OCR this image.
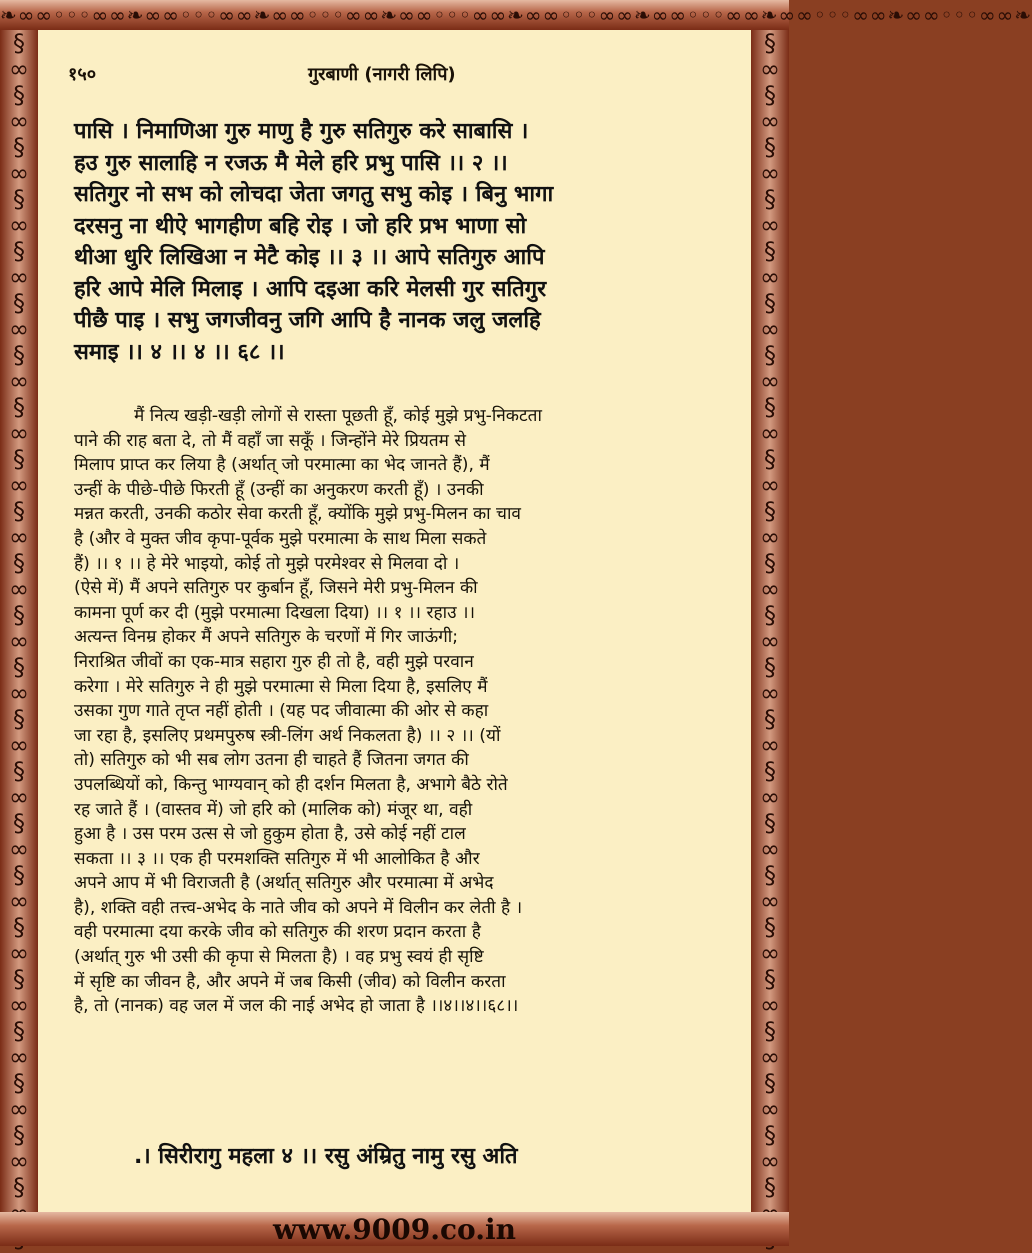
❧∞∞◦◦◦∞∞❧∞∞◦◦◦∞∞❧∞∞◦◦◦∞∞❧∞∞◦◦◦∞∞❧∞∞◦◦◦∞∞❧∞∞◦◦◦∞∞❧∞∞◦◦◦∞∞❧∞∞◦◦◦∞∞❧
§
∞
§
∞
§
∞
§
∞
§
∞
§
∞
§
∞
§
∞
§
∞
§
∞
§
∞
§
∞
§
∞
§
∞
§
∞
§
∞
§
∞
§
∞
§
∞
§
∞
§
∞
§
∞
§

§
∞
§
∞
§
∞
§
∞
§
∞
§
∞
§
∞
§
∞
§
∞
§
∞
§
∞
§
∞
§
∞
§
∞
§
∞
§
∞
§
∞
§
∞
§
∞
§
∞
§
∞
§
∞
§

१५०	गुरबाणी (नागरी लिपि)

पासि । निमाणिआ गुरु माणु है गुरु सतिगुरु करे साबासि ।

हउ गुरु सालाहि न रजऊ मै मेले हरि प्रभु पासि ।। २ ।।

सतिगुर नो सभ को लोचदा जेता जगतु सभु कोइ । बिनु भागा

दरसनु ना थीऐ भागहीण बहि रोइ । जो हरि प्रभ भाणा सो

थीआ धुरि लिखिआ न मेटै कोइ ।। ३ ।। आपे सतिगुरु आपि

हरि आपे मेलि मिलाइ । आपि दइआ करि मेलसी गुर सतिगुर

पीछै पाइ । सभु जगजीवनु जगि आपि है नानक जलु जलहि

समाइ ।। ४ ।। ४ ।। ६८ ।।

मैं नित्य खड़ी-खड़ी लोगों से रास्ता पूछती हूँ, कोई मुझे प्रभु-निकटता
पाने की राह बता दे, तो मैं वहाँ जा सकूँ । जिन्होंने मेरे प्रियतम से
मिलाप प्राप्त कर लिया है (अर्थात् जो परमात्मा का भेद जानते हैं), मैं
उन्हीं के पीछे-पीछे फिरती हूँ (उन्हीं का अनुकरण करती हूँ) । उनकी
मन्नत करती, उनकी कठोर सेवा करती हूँ, क्योंकि मुझे प्रभु-मिलन का चाव
है (और वे मुक्त जीव कृपा-पूर्वक मुझे परमात्मा के साथ मिला सकते
हैं) ।। १ ।। हे मेरे भाइयो, कोई तो मुझे परमेश्वर से मिलवा दो ।
(ऐसे में) मैं अपने सतिगुरु पर कुर्बान हूँ, जिसने मेरी प्रभु-मिलन की
कामना पूर्ण कर दी (मुझे परमात्मा दिखला दिया) ।। १ ।। रहाउ ।।
अत्यन्त विनम्र होकर मैं अपने सतिगुरु के चरणों में गिर जाऊंगी;
निराश्रित जीवों का एक-मात्र सहारा गुरु ही तो है, वही मुझे परवान
करेगा । मेरे सतिगुरु ने ही मुझे परमात्मा से मिला दिया है, इसलिए मैं
उसका गुण गाते तृप्त नहीं होती । (यह पद जीवात्मा की ओर से कहा
जा रहा है, इसलिए प्रथमपुरुष स्त्री-लिंग अर्थ निकलता है) ।। २ ।। (यों
तो) सतिगुरु को भी सब लोग उतना ही चाहते हैं जितना जगत की
उपलब्धियों को, किन्तु भाग्यवान् को ही दर्शन मिलता है, अभागे बैठे रोते
रह जाते हैं । (वास्तव में) जो हरि को (मालिक को) मंजूर था, वही
हुआ है । उस परम उत्स से जो हुकुम होता है, उसे कोई नहीं टाल
सकता ।। ३ ।। एक ही परमशक्ति सतिगुरु में भी आलोकित है और
अपने आप में भी विराजती है (अर्थात् सतिगुरु और परमात्मा में अभेद
है), शक्ति वही तत्त्व-अभेद के नाते जीव को अपने में विलीन कर लेती है ।
वही परमात्मा दया करके जीव को सतिगुरु की शरण प्रदान करता है
(अर्थात् गुरु भी उसी की कृपा से मिलता है) । वह प्रभु स्वयं ही सृष्टि
में सृष्टि का जीवन है, और अपने में जब किसी (जीव) को विलीन करता
है, तो (नानक) वह जल में जल की नाई अभेद हो जाता है ।।४।।४।।६८।।
.। सिरीरागु महला ४ ।। रसु अंम्रितु नामु रसु अति
www.9009.co.in
